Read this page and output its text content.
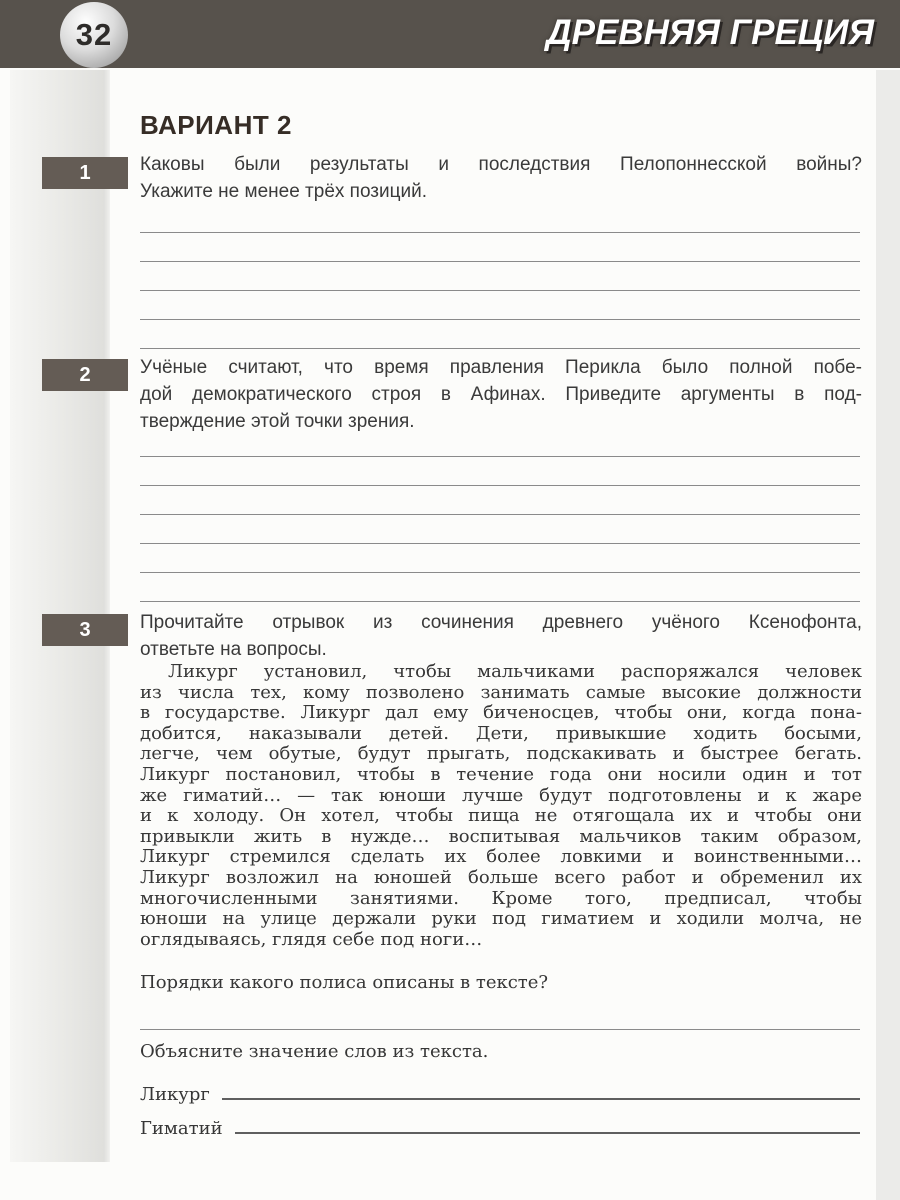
32	ДРЕВНЯЯ ГРЕЦИЯ
ВАРИАНТ 2
1	Каковы были результаты и последствия Пелопоннесской войны?
Укажите не менее трёх позиций.
2	Учёные считают, что время правления Перикла было полной побе-
дой демократического строя в Афинах. Приведите аргументы в под-
тверждение этой точки зрения.
3	Прочитайте отрывок из сочинения древнего учёного Ксенофонта,
ответьте на вопросы.
Ликург установил, чтобы мальчиками распоряжался человек
из числа тех, кому позволено занимать самые высокие должности
в государстве. Ликург дал ему биченосцев, чтобы они, когда пона-
добится, наказывали детей. Дети, привыкшие ходить босыми,
легче, чем обутые, будут прыгать, подскакивать и быстрее бегать.
Ликург постановил, чтобы в течение года они носили один и тот
же гиматий… — так юноши лучше будут подготовлены и к жаре
и к холоду. Он хотел, чтобы пища не отягощала их и чтобы они
привыкли жить в нужде… воспитывая мальчиков таким образом,
Ликург стремился сделать их более ловкими и воинственными…
Ликург возложил на юношей больше всего работ и обременил их
многочисленными занятиями. Кроме того, предписал, чтобы
юноши на улице держали руки под гиматием и ходили молча, не
оглядываясь, глядя себе под ноги…
Порядки какого полиса описаны в тексте?
Объясните значение слов из текста.
Ликург
Гиматий
